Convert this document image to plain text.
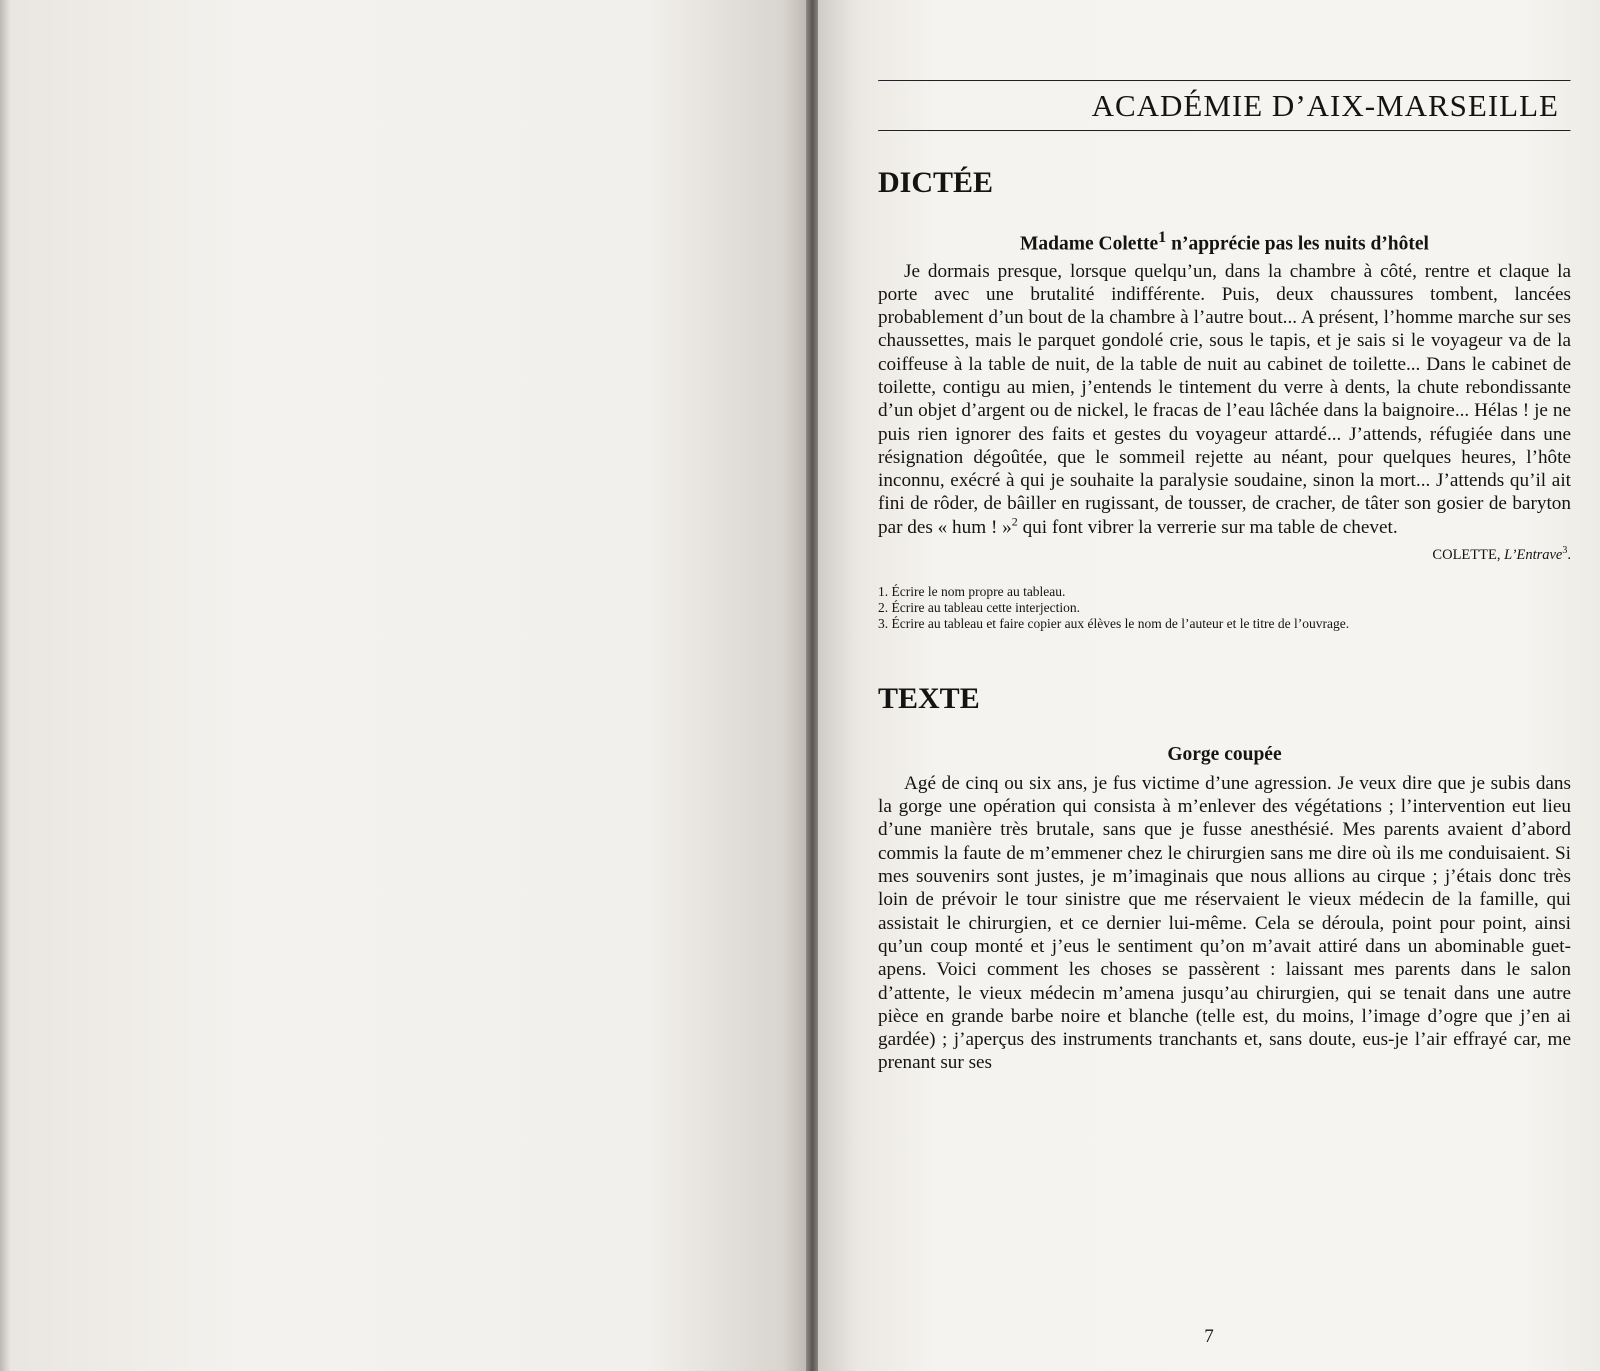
ACADÉMIE D’AIX-MARSEILLE
DICTÉE
Madame Colette$^1$ n’apprécie pas les nuits d’hôtel

Je dormais presque, lorsque quelqu’un, dans la chambre à côté, rentre et claque la porte avec une brutalité indifférente. Puis, deux chaussures tombent, lancées probablement d’un bout de la chambre à l’autre bout... A présent, l’homme marche sur ses chaussettes, mais le parquet gondolé crie, sous le tapis, et je sais si le voyageur va de la coiffeuse à la table de nuit, de la table de nuit au cabinet de toilette... Dans le cabinet de toilette, contigu au mien, j’entends le tintement du verre à dents, la chute rebondissante d’un objet d’argent ou de nickel, le fracas de l’eau lâchée dans la baignoire... Hélas ! je ne puis rien ignorer des faits et gestes du voyageur attardé... J’attends, réfugiée dans une résignation dégoûtée, que le sommeil rejette au néant, pour quelques heures, l’hôte inconnu, exécré à qui je souhaite la paralysie soudaine, sinon la mort... J’attends qu’il ait fini de rôder, de bâiller en rugissant, de tousser, de cracher, de tâter son gosier de baryton par des « hum ! »$^2$ qui font vibrer la verrerie sur ma table de chevet.

COLETTE, L’Entrave$^3$.

1. Écrire le nom propre au tableau.
2. Écrire au tableau cette interjection.
3. Écrire au tableau et faire copier aux élèves le nom de l’auteur et le titre de l’ouvrage.
TEXTE
Gorge coupée

Agé de cinq ou six ans, je fus victime d’une agression. Je veux dire que je subis dans la gorge une opération qui consista à m’enlever des végétations ; l’intervention eut lieu d’une manière très brutale, sans que je fusse anesthésié. Mes parents avaient d’abord commis la faute de m’emmener chez le chirurgien sans me dire où ils me conduisaient. Si mes souvenirs sont justes, je m’imaginais que nous allions au cirque ; j’étais donc très loin de prévoir le tour sinistre que me réservaient le vieux médecin de la famille, qui assistait le chirurgien, et ce dernier lui-même. Cela se déroula, point pour point, ainsi qu’un coup monté et j’eus le sentiment qu’on m’avait attiré dans un abominable guet-apens. Voici comment les choses se passèrent : laissant mes parents dans le salon d’attente, le vieux médecin m’amena jusqu’au chirurgien, qui se tenait dans une autre pièce en grande barbe noire et blanche (telle est, du moins, l’image d’ogre que j’en ai gardée) ; j’aperçus des instruments tranchants et, sans doute, eus-je l’air effrayé car, me prenant sur ses

7
